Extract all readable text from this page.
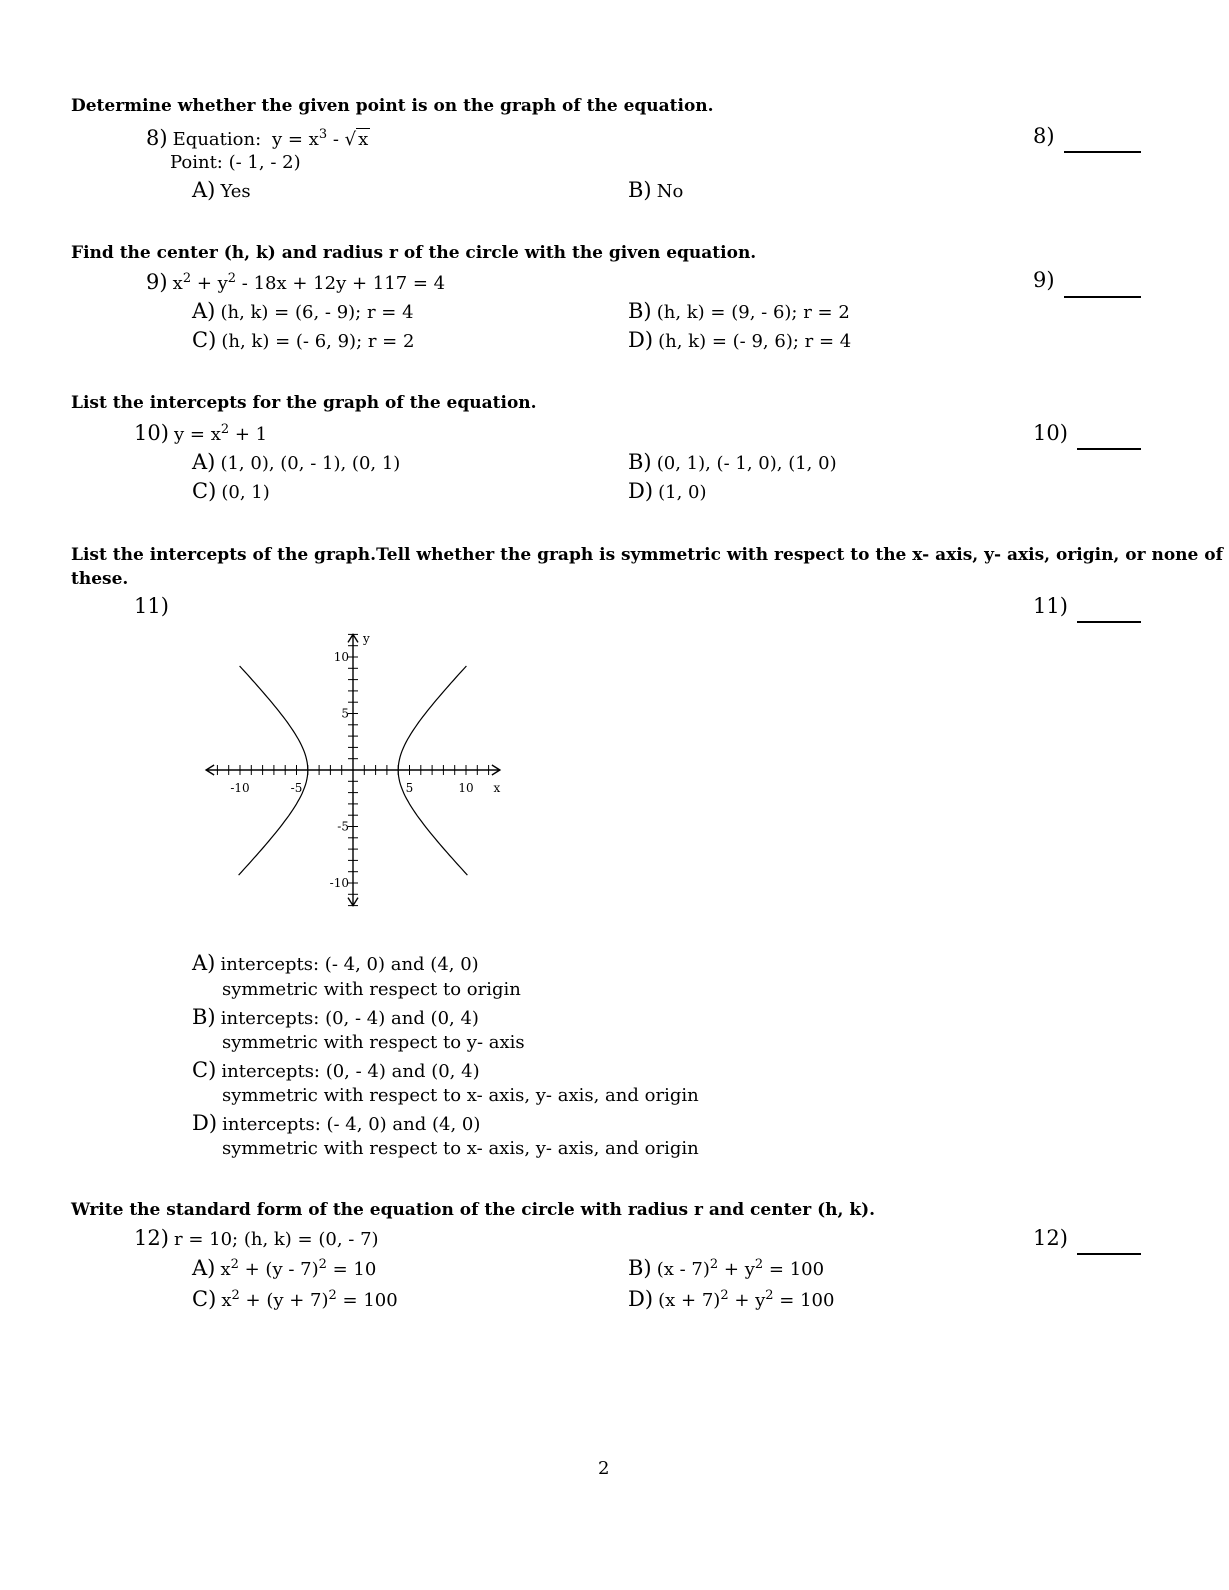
Determine whether the given point is on the graph of the equation.
8) Equation: $y = x^3$ - √ x
Point: (- 1, - 2)
A) Yes	B) No
8)
Find the center (h, k) and radius r of the circle with the given equation.
9) $x^2 + y^2 - 18x + 12y + 117 = 4$
A) (h, k) = (6, - 9); r = 4	B) (h, k) = (9, - 6); r = 2
C) (h, k) = (- 6, 9); r = 2	D) (h, k) = (- 9, 6); r = 4
9)
List the intercepts for the graph of the equation.
10) $y = x^2 + 1$
A) (1, 0), (0, - 1), (0, 1)	B) (0, 1), (- 1, 0), (1, 0)
C) (0, 1)	D) (1, 0)
10)
List the intercepts of the graph.Tell whether the graph is symmetric with respect to the x- axis, y- axis, origin, or none of
these.
11)	11)
-10	-5	5	10
10
5
-5
-10
x
y
A) intercepts: (- 4, 0) and (4, 0)
symmetric with respect to origin
B) intercepts: (0, - 4) and (0, 4)
symmetric with respect to y- axis
C) intercepts: (0, - 4) and (0, 4)
symmetric with respect to x- axis, y- axis, and origin
D) intercepts: (- 4, 0) and (4, 0)
symmetric with respect to x- axis, y- axis, and origin
Write the standard form of the equation of the circle with radius r and center (h, k).
12) r = 10; (h, k) = (0, - 7)
A) $x^2 + (y - 7)^2 = 10$	B) $(x - 7)^2 + y^2 = 100$
C) $x^2 + (y + 7)^2 = 100$	D) $(x + 7)^2 + y^2 = 100$
12)
2
